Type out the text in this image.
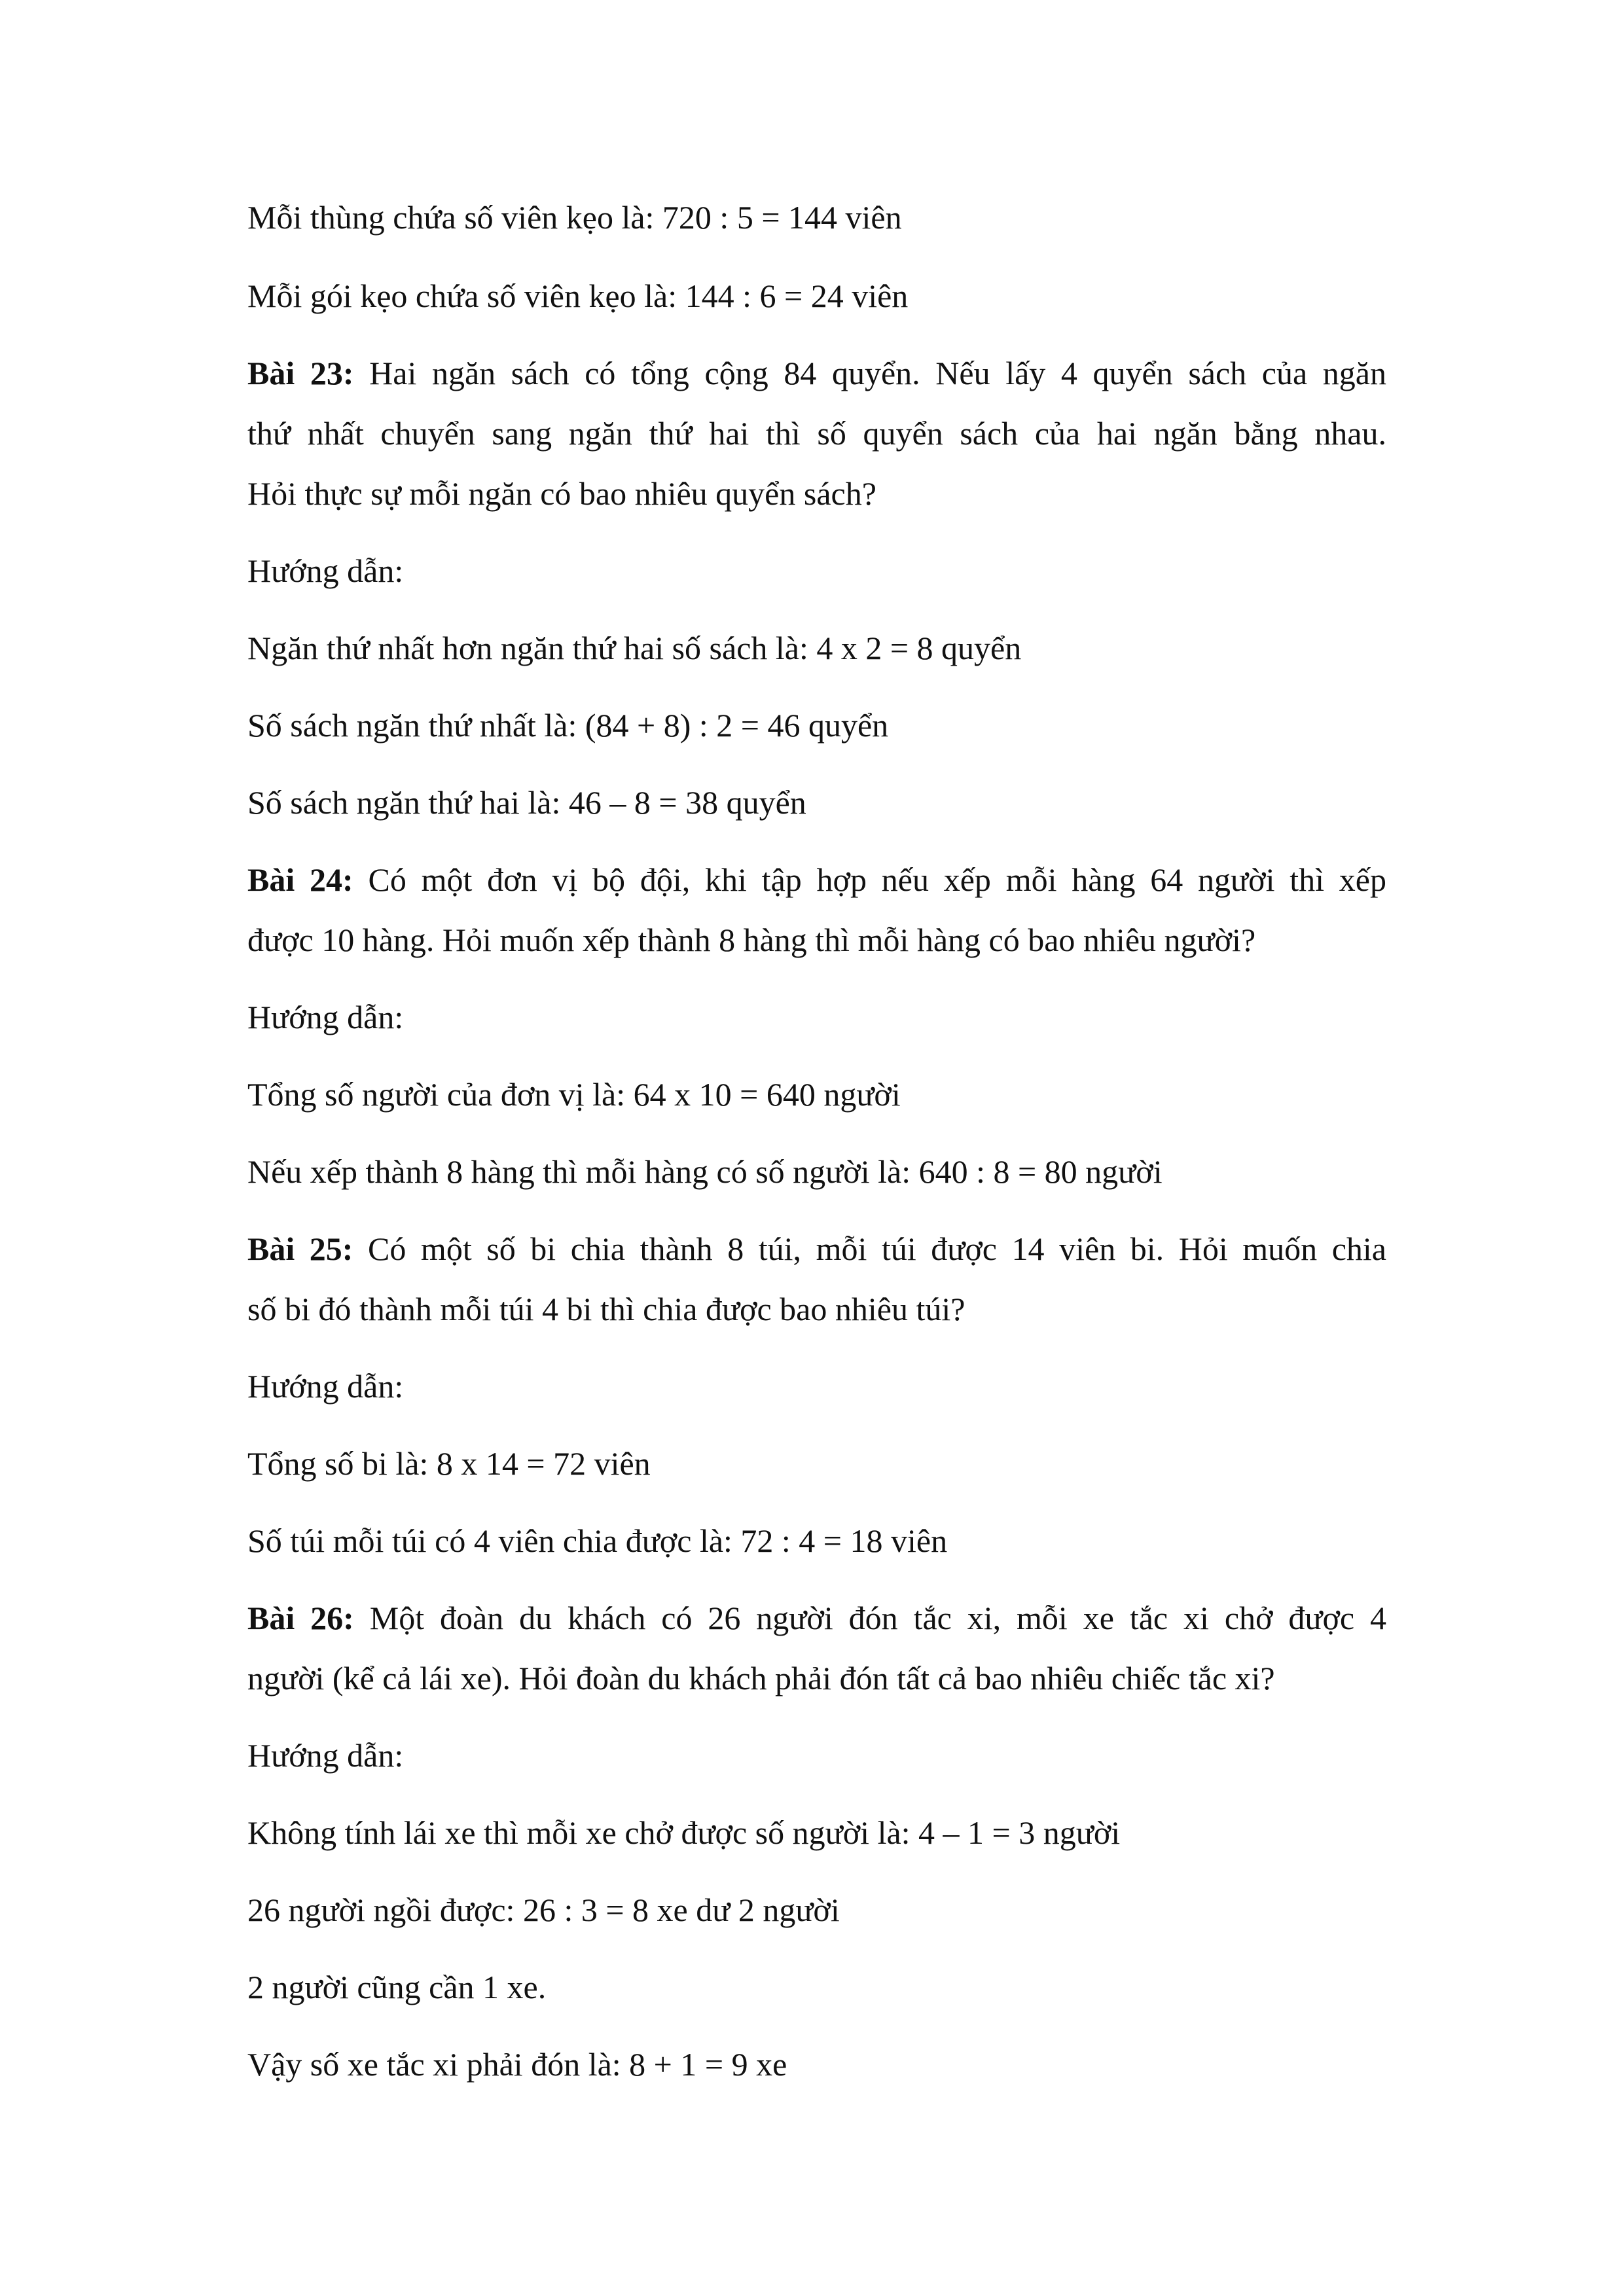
Mỗi thùng chứa số viên kẹo là: 720 : 5 = 144 viên
Mỗi gói kẹo chứa số viên kẹo là: 144 : 6 = 24 viên
Bài 23: Hai ngăn sách có tổng cộng 84 quyển. Nếu lấy 4 quyển sách của ngăn
thứ nhất chuyển sang ngăn thứ hai thì số quyển sách của hai ngăn bằng nhau.
Hỏi thực sự mỗi ngăn có bao nhiêu quyển sách?
Hướng dẫn:
Ngăn thứ nhất hơn ngăn thứ hai số sách là: 4 x 2 = 8 quyển
Số sách ngăn thứ nhất là: (84 + 8) : 2 = 46 quyển
Số sách ngăn thứ hai là: 46 – 8 = 38 quyển
Bài 24: Có một đơn vị bộ đội, khi tập hợp nếu xếp mỗi hàng 64 người thì xếp
được 10 hàng. Hỏi muốn xếp thành 8 hàng thì mỗi hàng có bao nhiêu người?
Hướng dẫn:
Tổng số người của đơn vị là: 64 x 10 = 640 người
Nếu xếp thành 8 hàng thì mỗi hàng có số người là: 640 : 8 = 80 người
Bài 25: Có một số bi chia thành 8 túi, mỗi túi được 14 viên bi. Hỏi muốn chia
số bi đó thành mỗi túi 4 bi thì chia được bao nhiêu túi?
Hướng dẫn:
Tổng số bi là: 8 x 14 = 72 viên
Số túi mỗi túi có 4 viên chia được là: 72 : 4 = 18 viên
Bài 26: Một đoàn du khách có 26 người đón tắc xi, mỗi xe tắc xi chở được 4
người (kể cả lái xe). Hỏi đoàn du khách phải đón tất cả bao nhiêu chiếc tắc xi?
Hướng dẫn:
Không tính lái xe thì mỗi xe chở được số người là: 4 – 1 = 3 người
26 người ngồi được: 26 : 3 = 8 xe dư 2 người
2 người cũng cần 1 xe.
Vậy số xe tắc xi phải đón là: 8 + 1 = 9 xe
